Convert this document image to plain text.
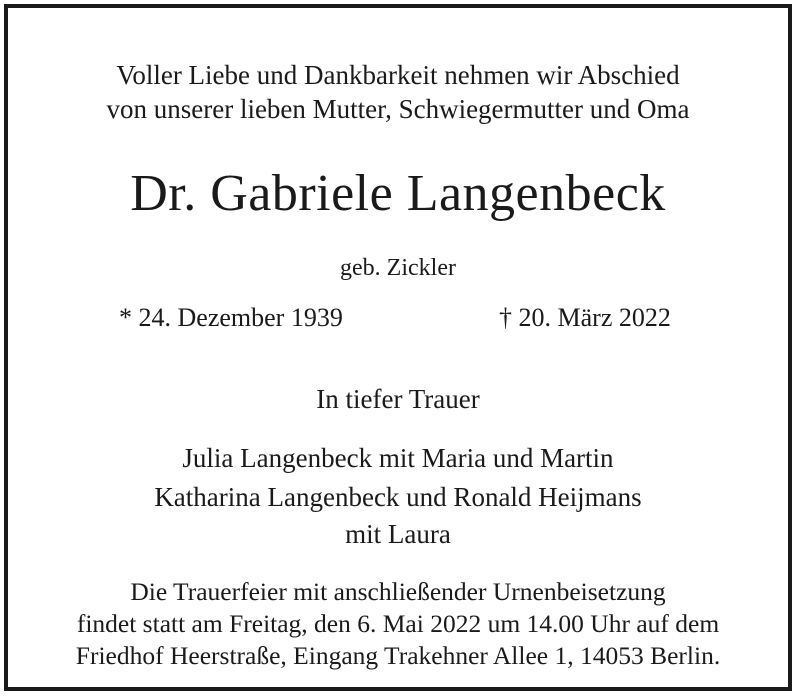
Voller Liebe und Dankbarkeit nehmen wir Abschied
von unserer lieben Mutter, Schwiegermutter und Oma
Dr. Gabriele Langenbeck
geb. Zickler
* 24. Dezember 1939	† 20. März 2022
In tiefer Trauer
Julia Langenbeck mit Maria und Martin
Katharina Langenbeck und Ronald Heijmans
mit Laura
Die Trauerfeier mit anschließender Urnenbeisetzung
findet statt am Freitag, den 6. Mai 2022 um 14.00 Uhr auf dem
Friedhof Heerstraße, Eingang Trakehner Allee 1, 14053 Berlin.
